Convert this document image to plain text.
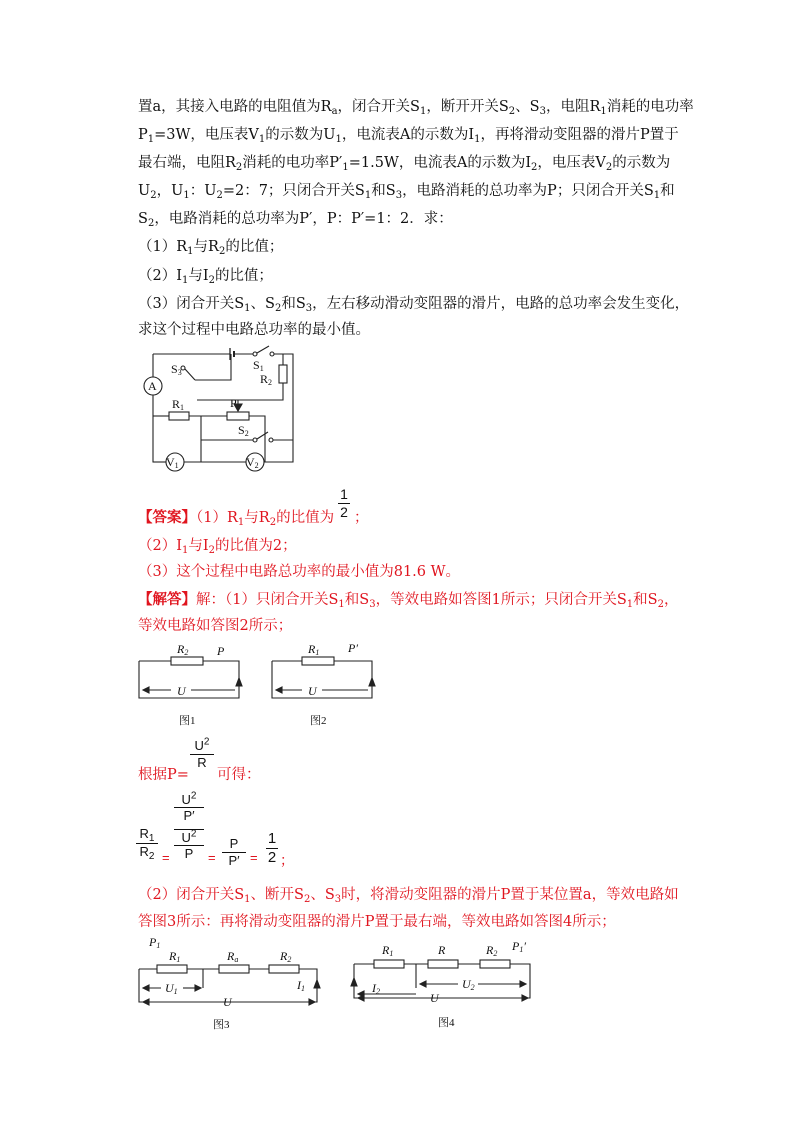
置a，其接入电路的电阻值为$R_a$，闭合开关$S_1$，断开开关$S_2$、$S_3$，电阻$R_1$消耗的电功率
$P_1=3W$，电压表$V_1$的示数为$U_1$，电流表A的示数为$I_1$，再将滑动变阻器的滑片P置于
最右端，电阻$R_2$消耗的电功率$P'_1=1.5W$，电流表A的示数为$I_2$，电压表$V_2$的示数为
$U_2$，$U_1$：$U_2=2$：7；只闭合开关$S_1$和$S_3$，电路消耗的总功率为P；只闭合开关$S_1$和
$S_2$，电路消耗的总功率为P′，P：P′=1：2．求：
$(1)R_1$与$R_2$的比值；
$(2)I_1$与$I_2$的比值；
（3）闭合开关$S_1$、$S_2$和$S_3$，左右移动滑动变阻器的滑片，电路的总功率会发生变化，
求这个过程中电路总功率的最小值。
A
V1	V2
S3
S1
R2
R1	P
S2
【答案】$(1)R_1$与$R_2$的比值为 $\frac{1}{2}$ ；
$(2)I_1$与$I_2$的比值为2；
（3）这个过程中电路总功率的最小值为81.6 W。
【解答】解：（1）只闭合开关$S_1$和$S_3$，等效电路如答图1所示；只闭合开关$S_1$和$S_2$，
等效电路如答图2所示；
R2 P
U
图1
R1 P′
U
图2
$\frac{U^2}{R}$
根据P= 可得：
$\frac{R_1}{R_2}$ =
$U^2$
P′
$U^2$
P	= $\frac{P}{P'} = \frac{1}{2}$ ；
（2）闭合开关$S_1$、断开$S_2$、$S_3$时，将滑动变阻器的滑片P置于某位置a，等效电路如
答图3所示：再将滑动变阻器的滑片P置于最右端，等效电路如答图4所示；
P1
R1	Ra	R2
U1	I1
U
图3
R1	R	R2
P1′
U2
I2	U
图4
